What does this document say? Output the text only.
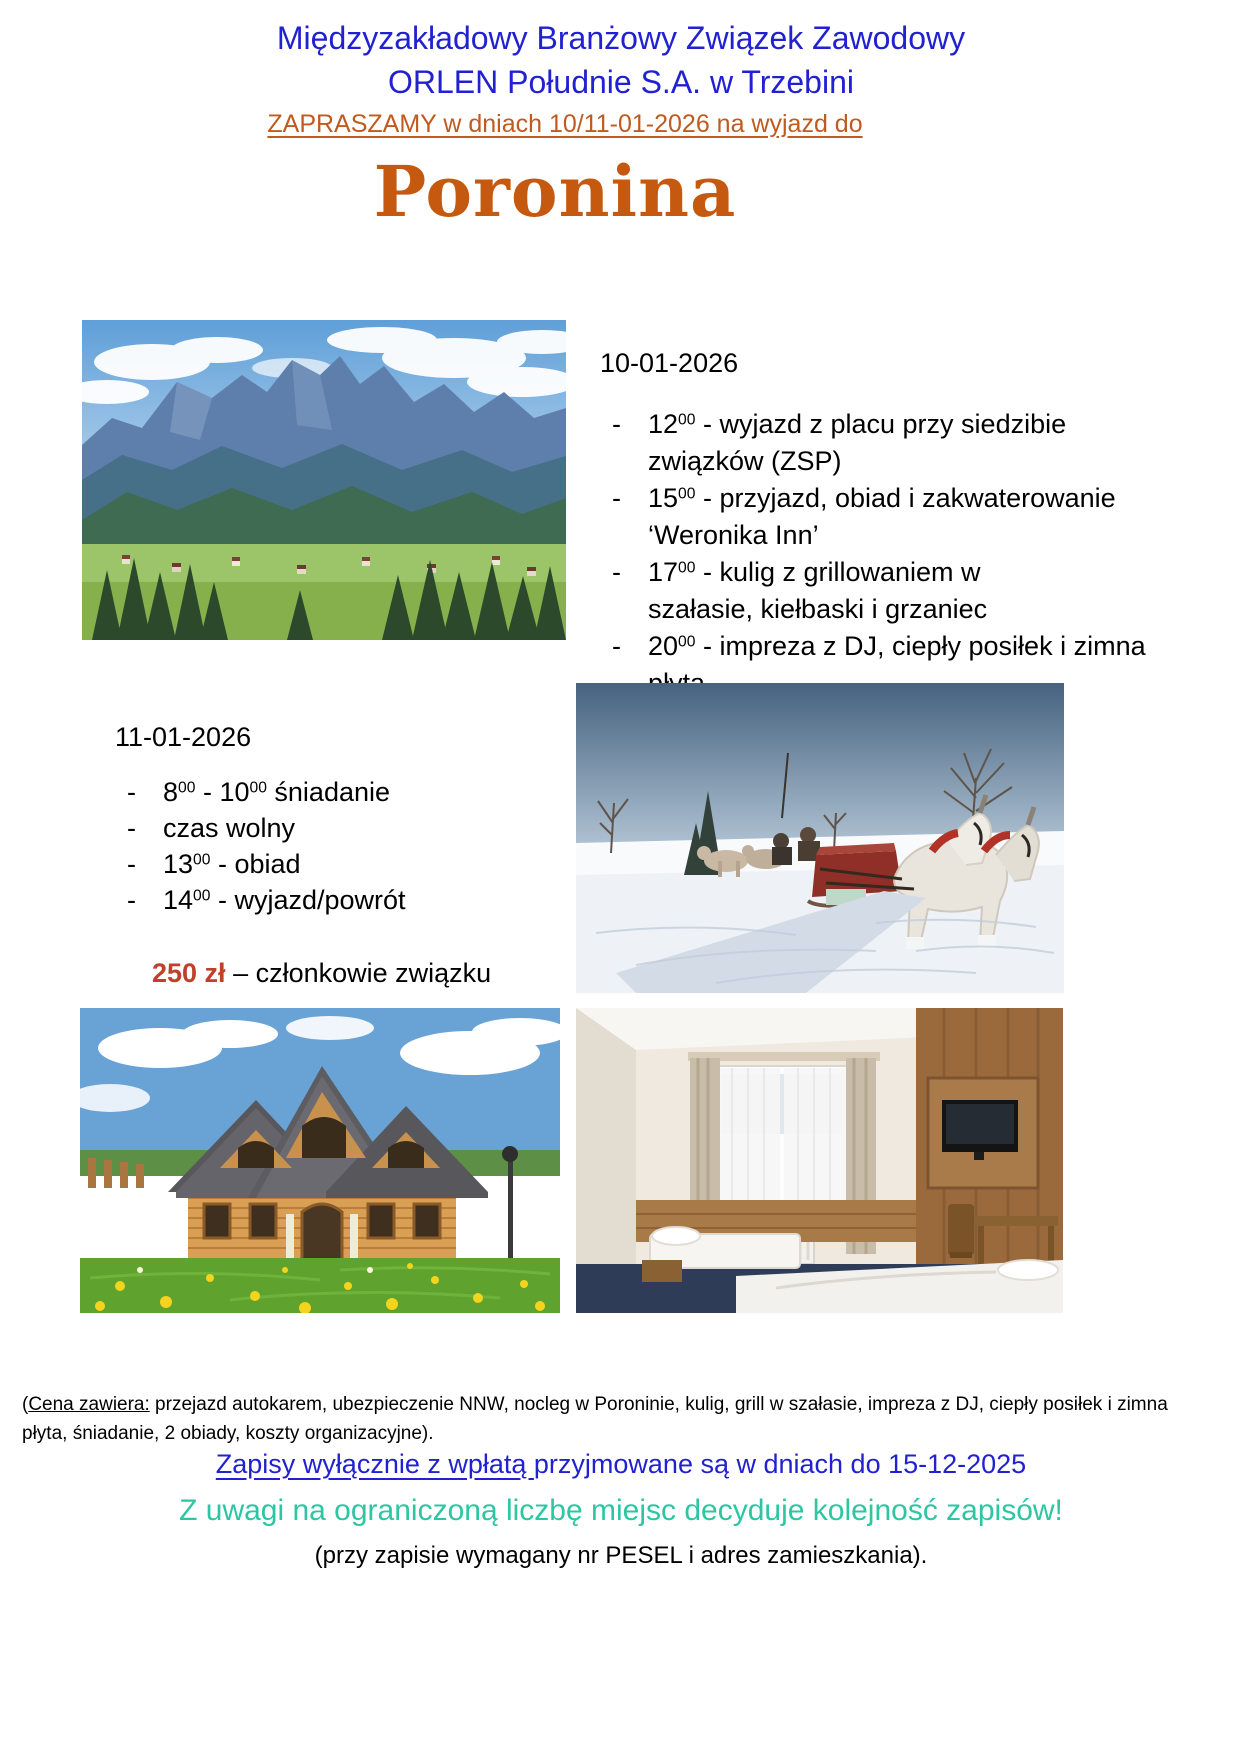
Międzyzakładowy Branżowy Związek Zawodowy
ORLEN Południe S.A. w Trzebini
ZAPRASZAMY w dniach 10/11-01-2026 na wyjazd do
Poronina
10-01-2026
-	$12^{00}$ - wyjazd z placu przy siedzibie
związków (ZSP)
-	$15^{00}$ - przyjazd, obiad i zakwaterowanie
‘Weronika Inn’
-	$17^{00}$ - kulig z grillowaniem w
szałasie, kiełbaski i grzaniec
-	$20^{00}$ - impreza z DJ, ciepły posiłek i zimna

11-01-2026
-	$8^{00} - 10^{00}$ śniadanie
-	czas wolny
-	$13^{00}$ - obiad
-	$14^{00}$ - wyjazd/powrót
250 zł – członkowie związku
(Cena zawiera: przejazd autokarem, ubezpieczenie NNW, nocleg w Poroninie, kulig, grill w szałasie, impreza z DJ, ciepły posiłek i zimna
płyta, śniadanie, 2 obiady, koszty organizacyjne).
Zapisy wyłącznie z wpłatą przyjmowane są w dniach do 15-12-2025
Z uwagi na ograniczoną liczbę miejsc decyduje kolejność zapisów!
(przy zapisie wymagany nr PESEL i adres zamieszkania).
